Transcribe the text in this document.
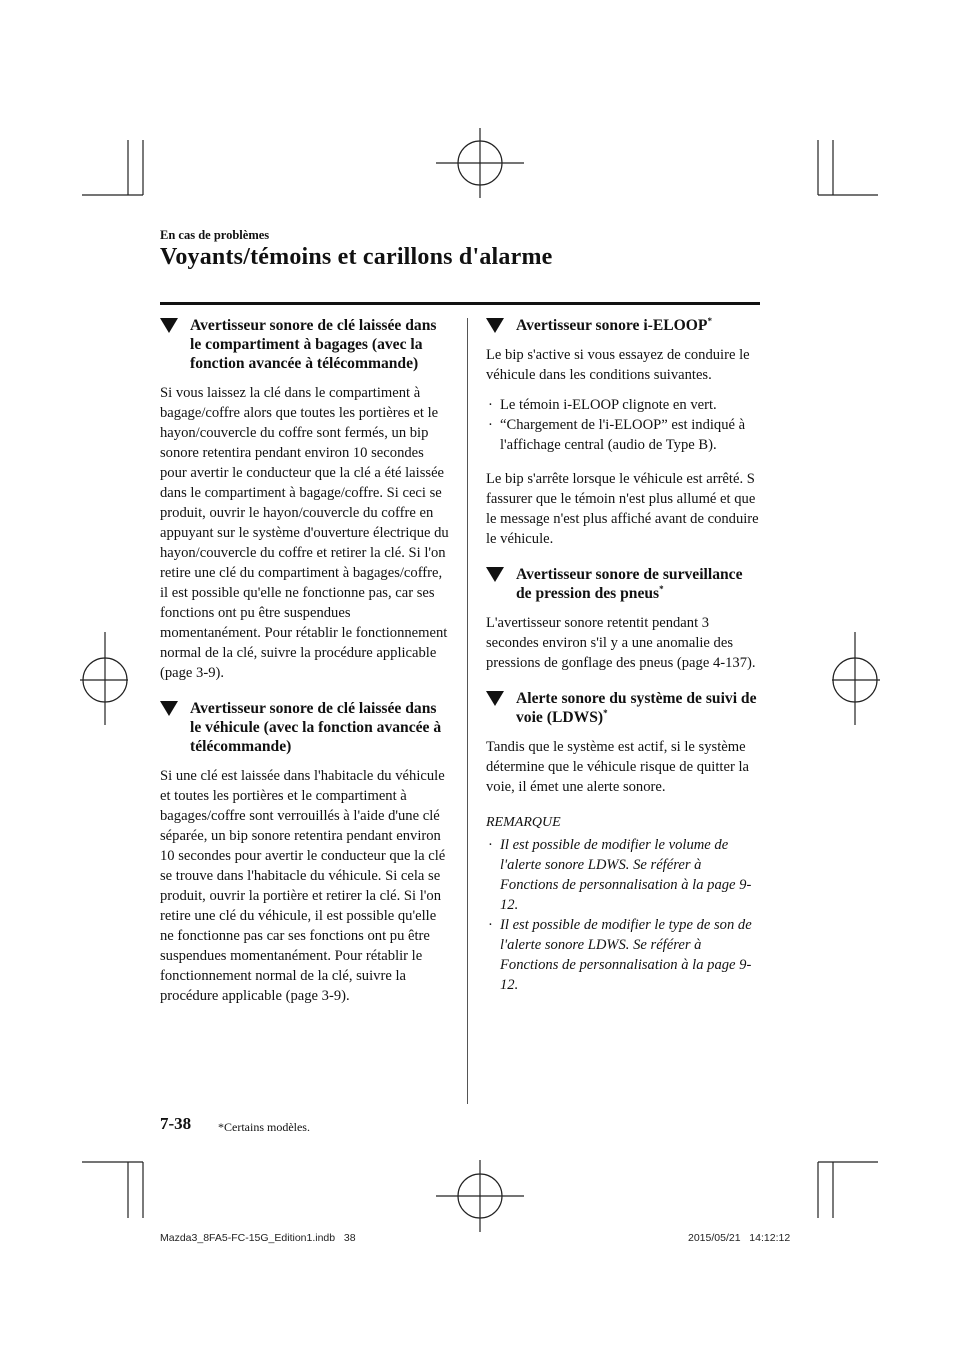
En cas de problèmes
Voyants/témoins et carillons d'alarme
Avertisseur sonore de clé laissée dans le compartiment à bagages (avec la fonction avancée à télécommande)

Si vous laissez la clé dans le compartiment à bagage/coffre alors que toutes les portières et le hayon/couvercle du coffre sont fermés, un bip sonore retentira pendant environ 10 secondes pour avertir le conducteur que la clé a été laissée dans le compartiment à bagage/coffre. Si ceci se produit, ouvrir le hayon/couvercle du coffre en appuyant sur le système d'ouverture électrique du hayon/couvercle du coffre et retirer la clé. Si l'on retire une clé du compartiment à bagages/coffre, il est possible qu'elle ne fonctionne pas, car ses fonctions ont pu être suspendues momentanément. Pour rétablir le fonctionnement normal de la clé, suivre la procédure applicable (page 3-9).

Avertisseur sonore de clé laissée dans le véhicule (avec la fonction avancée à télécommande)

Si une clé est laissée dans l'habitacle du véhicule et toutes les portières et le compartiment à bagages/coffre sont verrouillés à l'aide d'une clé séparée, un bip sonore retentira pendant environ 10 secondes pour avertir le conducteur que la clé se trouve dans l'habitacle du véhicule. Si cela se produit, ouvrir la portière et retirer la clé. Si l'on retire une clé du véhicule, il est possible qu'elle ne fonctionne pas car ses fonctions ont pu être suspendues momentanément. Pour rétablir le fonctionnement normal de la clé, suivre la procédure applicable (page 3-9).

Avertisseur sonore i-ELOOP*

Le bip s'active si vous essayez de conduire le véhicule dans les conditions suivantes.

· Le témoin i-ELOOP clignote en vert.
· “Chargement de l'i-ELOOP” est indiqué à l'affichage central (audio de Type B).

Le bip s'arrête lorsque le véhicule est arrêté. S fassurer que le témoin n'est plus allumé et que le message n'est plus affiché avant de conduire le véhicule.

Avertisseur sonore de surveillance de pression des pneus*

L'avertisseur sonore retentit pendant 3 secondes environ s'il y a une anomalie des pressions de gonflage des pneus (page 4-137).

Alerte sonore du système de suivi de voie (LDWS)*

Tandis que le système est actif, si le système détermine que le véhicule risque de quitter la voie, il émet une alerte sonore.

REMARQUE
· Il est possible de modifier le volume de l'alerte sonore LDWS. Se référer à Fonctions de personnalisation à la page 9-12.
· Il est possible de modifier le type de son de l'alerte sonore LDWS. Se référer à Fonctions de personnalisation à la page 9-12.
7-38 *Certains modèles.
Mazda3_8FA5-FC-15G_Edition1.indb   38	2015/05/21   14:12:12
